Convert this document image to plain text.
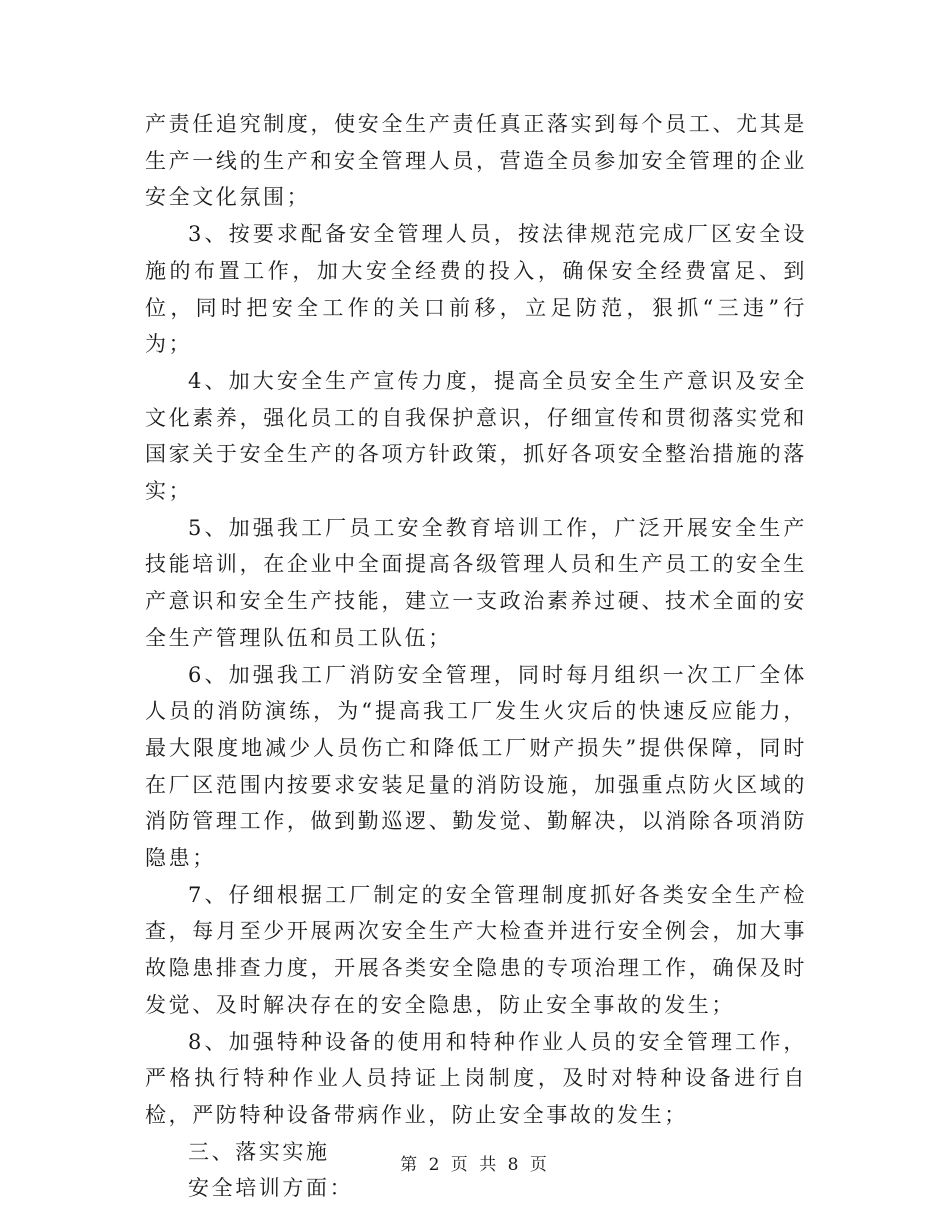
产责任追究制度，使安全生产责任真正落实到每个员工、尤其是生产一线的生产和安全管理人员，营造全员参加安全管理的企业安全文化氛围；

3、按要求配备安全管理人员，按法律规范完成厂区安全设施的布置工作，加大安全经费的投入，确保安全经费富足、到位，同时把安全工作的关口前移，立足防范，狠抓“三违”行为；

4、加大安全生产宣传力度，提高全员安全生产意识及安全文化素养，强化员工的自我保护意识，仔细宣传和贯彻落实党和国家关于安全生产的各项方针政策，抓好各项安全整治措施的落实；

5、加强我工厂员工安全教育培训工作，广泛开展安全生产技能培训，在企业中全面提高各级管理人员和生产员工的安全生产意识和安全生产技能，建立一支政治素养过硬、技术全面的安全生产管理队伍和员工队伍；

6、加强我工厂消防安全管理，同时每月组织一次工厂全体人员的消防演练，为“提高我工厂发生火灾后的快速反应能力，最大限度地减少人员伤亡和降低工厂财产损失”提供保障，同时在厂区范围内按要求安装足量的消防设施，加强重点防火区域的消防管理工作，做到勤巡逻、勤发觉、勤解决，以消除各项消防隐患；

7、仔细根据工厂制定的安全管理制度抓好各类安全生产检查，每月至少开展两次安全生产大检查并进行安全例会，加大事故隐患排查力度，开展各类安全隐患的专项治理工作，确保及时发觉、及时解决存在的安全隐患，防止安全事故的发生；

8、加强特种设备的使用和特种作业人员的安全管理工作，严格执行特种作业人员持证上岗制度，及时对特种设备进行自检，严防特种设备带病作业，防止安全事故的发生；

三、落实实施

安全培训方面：

第 2 页 共 8 页
